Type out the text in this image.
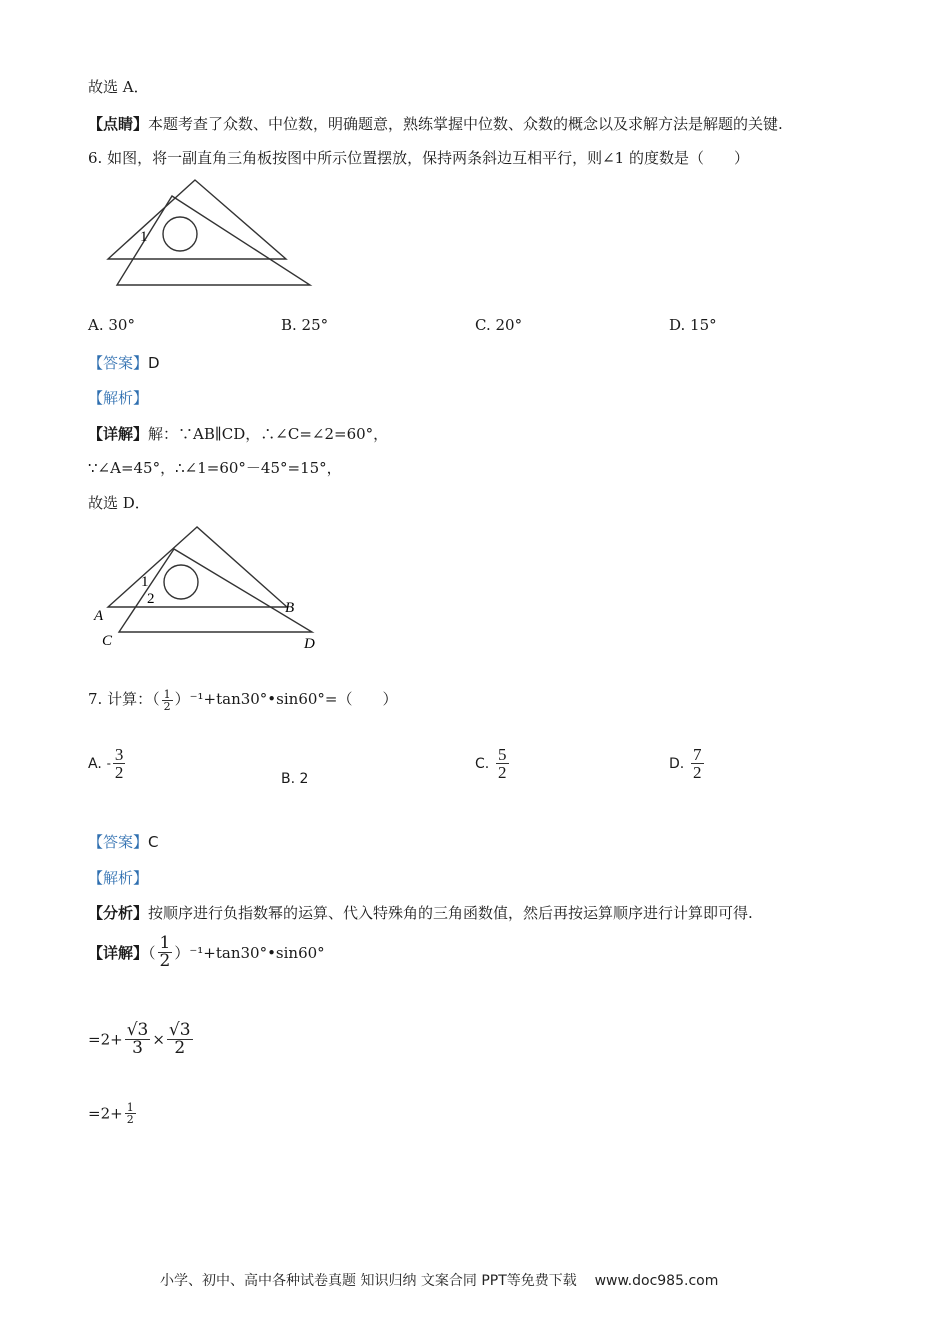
故选 A．
【点睛】本题考查了众数、中位数，明确题意，熟练掌握中位数、众数的概念以及求解方法是解题的关键.
6. 如图，将一副直角三角板按图中所示位置摆放，保持两条斜边互相平行，则∠1 的度数是（　　）
1
A. 30°	B. 25°	C. 20°	D. 15°
【答案】D
【解析】
【详解】解：∵AB∥CD，∴∠C=∠2=60°，
∵∠A=45°，∴∠1=60°－45°=15°，
故选 D．
1
2
A	B
C	D
7. 计算：（ $\frac{1}{2}$ ）⁻¹+tan30°•sin60°=（　　）
A. - $\frac{3}{2}$	B. 2
C. $\frac{5}{2}$	D. $\frac{7}{2}$
【答案】C
【解析】
【分析】按顺序进行负指数幂的运算、代入特殊角的三角函数值，然后再按运算顺序进行计算即可得.
【详解】（ $\frac{1}{2}$ ）⁻¹+tan30°•sin60°
$=2+ \frac{√3}{3} \times \frac{√3}{2}$
$=2+ \frac{1}{2}$
小学、初中、高中各种试卷真题 知识归纳 文案合同 PPT等免费下载 www.doc985.com
